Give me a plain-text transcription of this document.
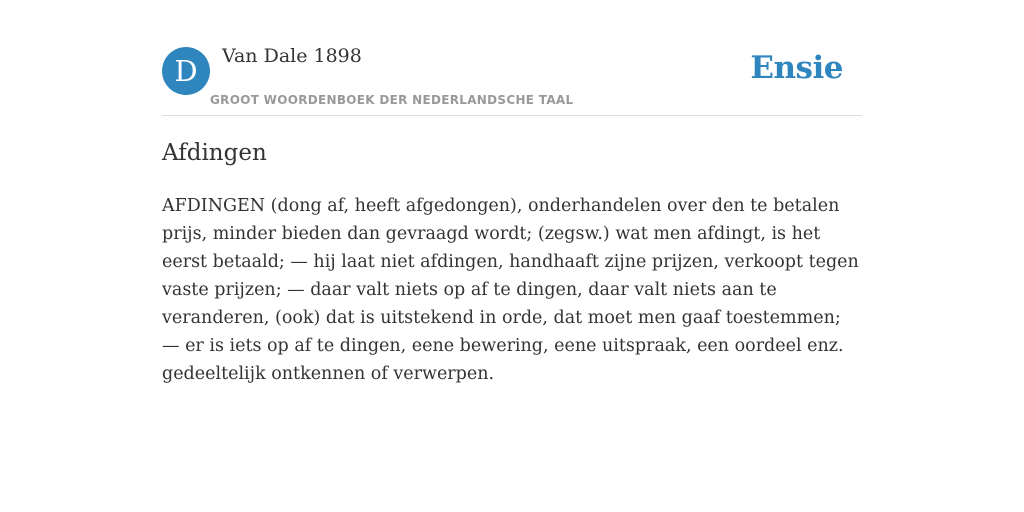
D	Van Dale 1898
GROOT WOORDENBOEK DER NEDERLANDSCHE TAAL
Ensie
Afdingen

AFDINGEN (dong af, heeft afgedongen), onderhandelen over den te betalen prijs, minder bieden dan gevraagd wordt; (zegsw.) wat men afdingt, is het eerst betaald; — hij laat niet afdingen, handhaaft zijne prijzen, verkoopt tegen vaste prijzen; — daar valt niets op af te dingen, daar valt niets aan te veranderen, (ook) dat is uitstekend in orde, dat moet men gaaf toestemmen; — er is iets op af te dingen, eene bewering, eene uitspraak, een oordeel enz. gedeeltelijk ontkennen of verwerpen.
